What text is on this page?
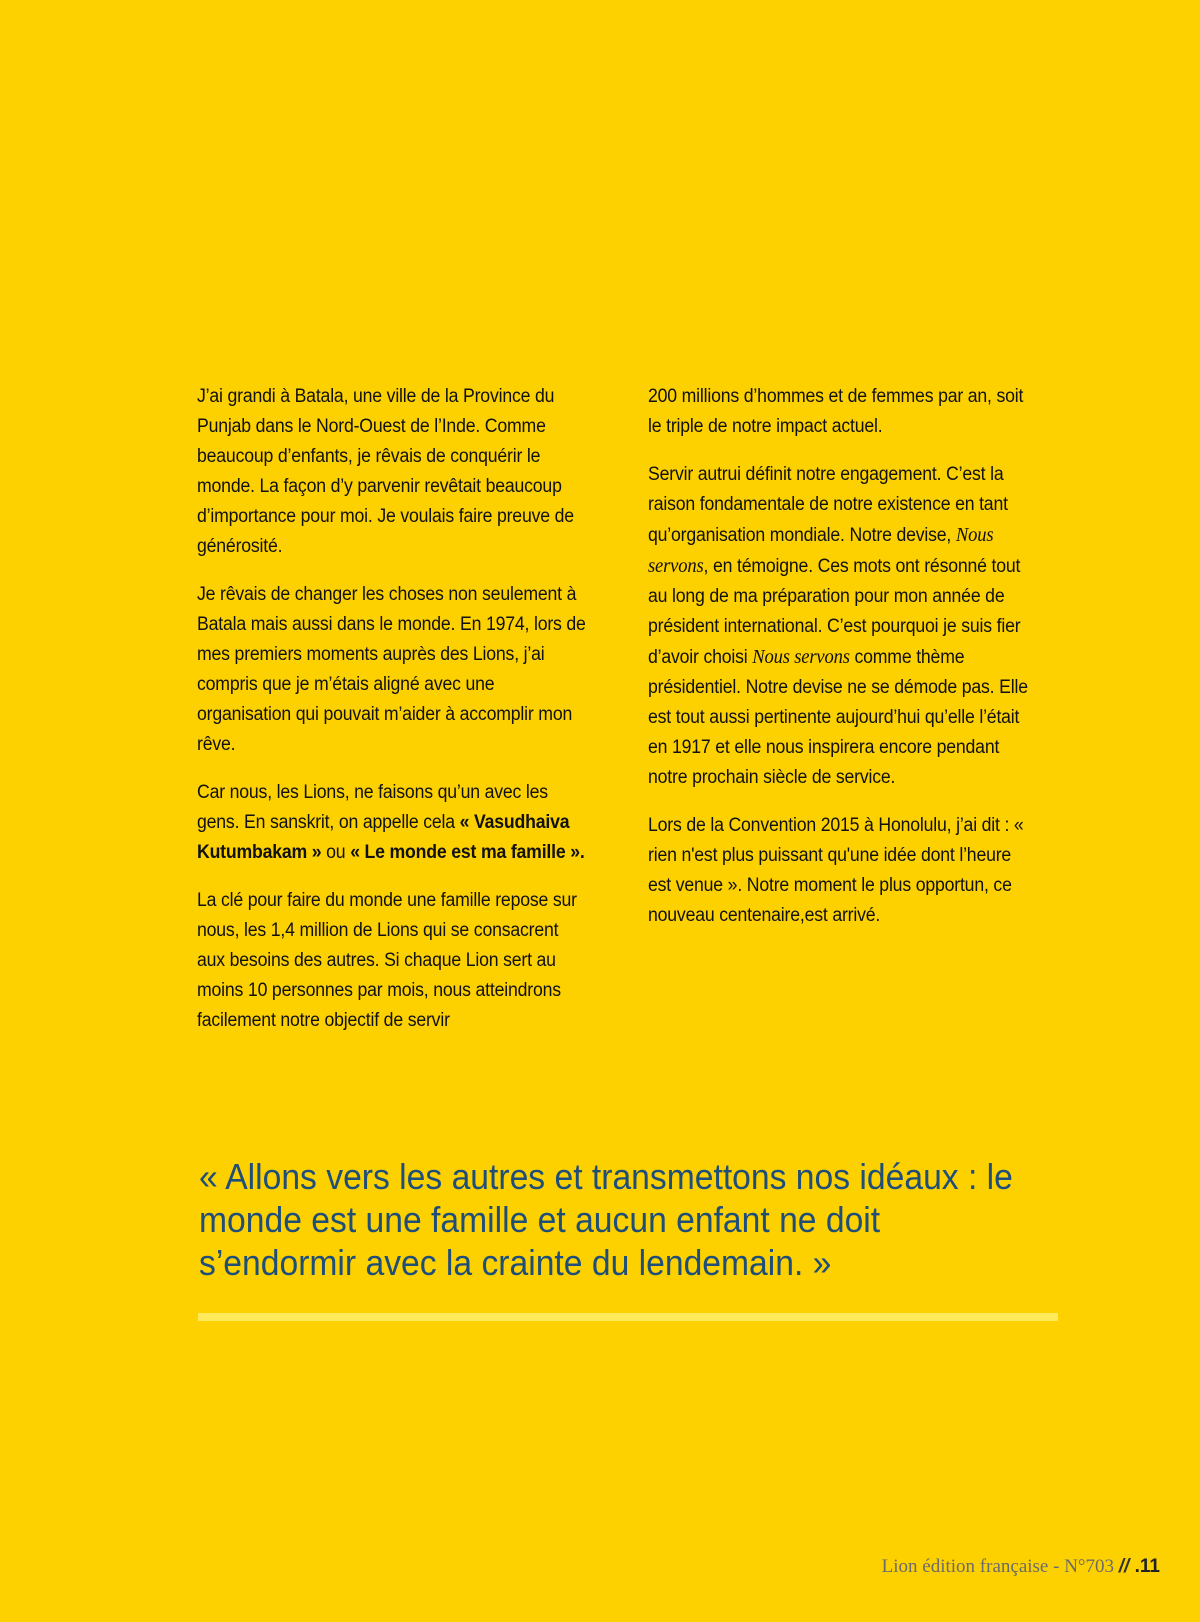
J’ai grandi à Batala, une ville de la Province du Punjab dans le Nord-Ouest de l’Inde. Comme beaucoup d’enfants, je rêvais de conquérir le monde. La façon d’y parvenir revêtait beaucoup d’importance pour moi. Je voulais faire preuve de générosité.

Je rêvais de changer les choses non seulement à Batala mais aussi dans le monde. En 1974, lors de mes premiers moments auprès des Lions, j’ai compris que je m’étais aligné avec une organisation qui pouvait m’aider à accomplir mon rêve.

Car nous, les Lions, ne faisons qu’un avec les gens. En sanskrit, on appelle cela « Vasudhaiva Kutumbakam » ou « Le monde est ma famille ».

La clé pour faire du monde une famille repose sur nous, les 1,4 million de Lions qui se consacrent aux besoins des autres. Si chaque Lion sert au moins 10 personnes par mois, nous atteindrons facilement notre objectif de servir

200 millions d’hommes et de femmes par an, soit le triple de notre impact actuel.

Servir autrui définit notre engagement. C’est la raison fondamentale de notre existence en tant qu’organisation mondiale. Notre devise, Nous servons, en témoigne. Ces mots ont résonné tout au long de ma préparation pour mon année de président international. C’est pourquoi je suis fier d’avoir choisi Nous servons comme thème présidentiel. Notre devise ne se démode pas. Elle est tout aussi pertinente aujourd’hui qu’elle l’était en 1917 et elle nous inspirera encore pendant notre prochain siècle de service.

Lors de la Convention 2015 à Honolulu, j’ai dit : « rien n'est plus puissant qu'une idée dont l’heure est venue ». Notre moment le plus opportun, ce nouveau centenaire,est arrivé.

« Allons vers les autres et transmettons nos idéaux : le monde est une famille et aucun enfant ne doit s’endormir avec la crainte du lendemain. »
Lion édition française - N°703 // .11
